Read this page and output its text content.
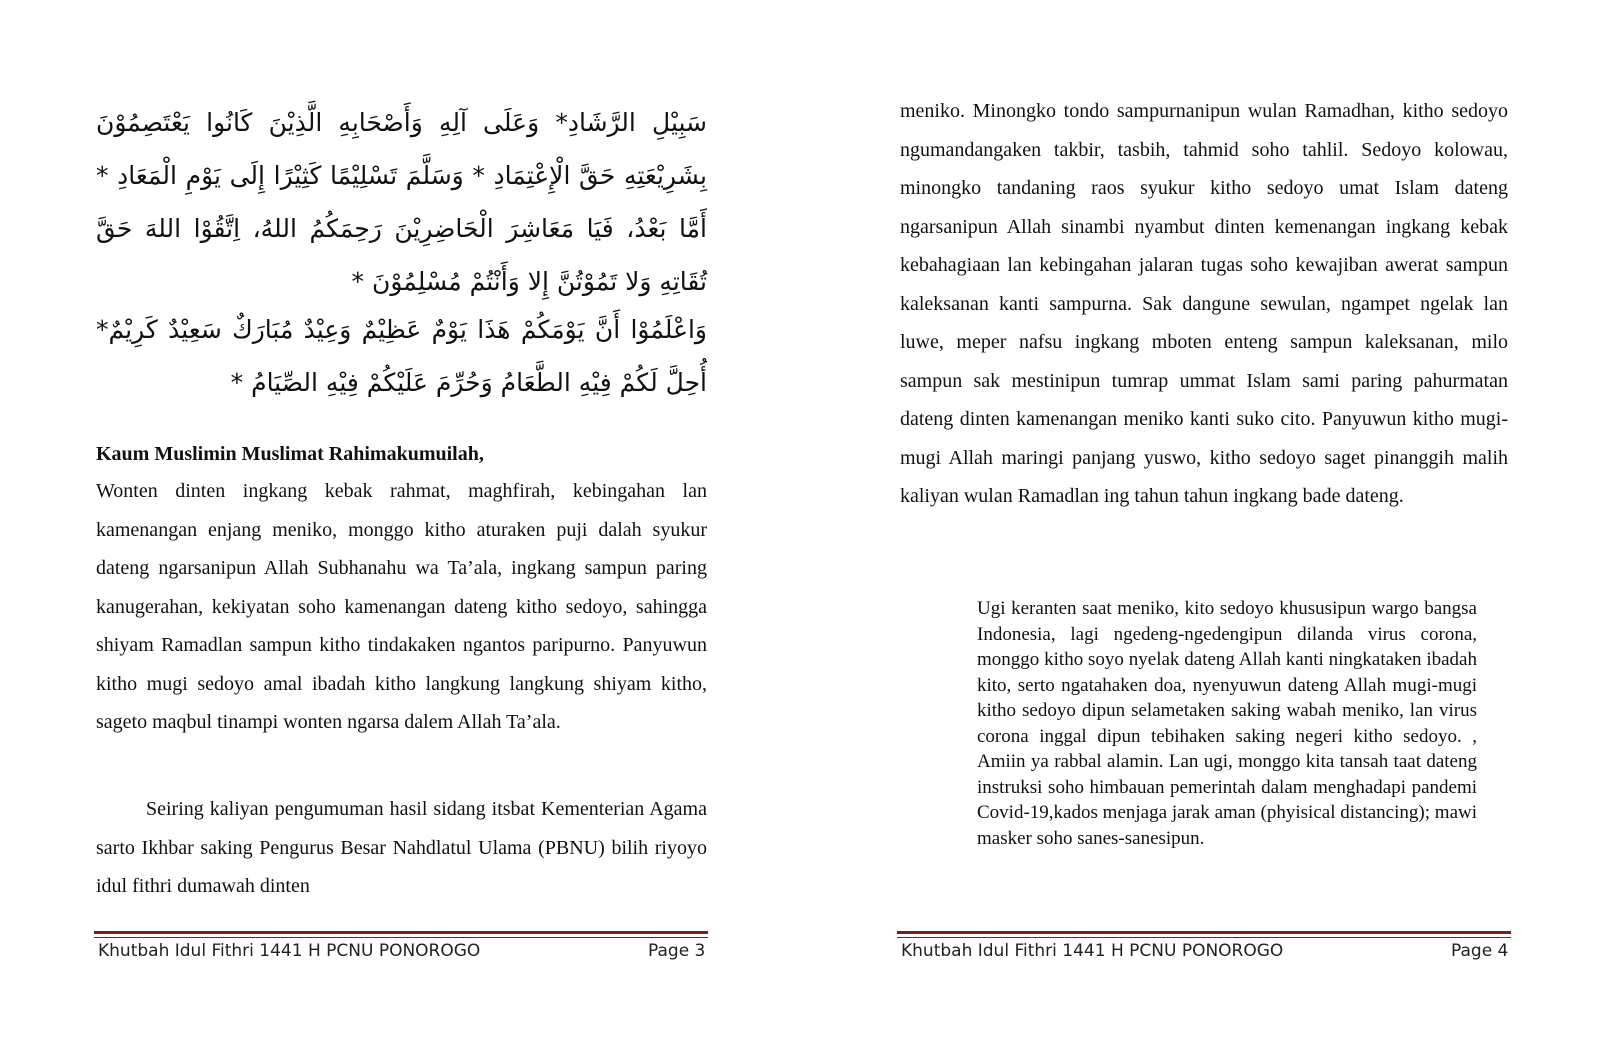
سَبِيْلِ الرَّشَادِ* وَعَلَى آلِهِ وَأَصْحَابِهِ الَّذِيْنَ كَانُوا يَعْتَصِمُوْنَ بِشَرِيْعَتِهِ حَقَّ الْإِعْتِمَادِ * وَسَلَّمَ تَسْلِيْمًا كَثِيْرًا إِلَى يَوْمِ الْمَعَادِ * أَمَّا بَعْدُ، فَيَا مَعَاشِرَ الْحَاضِرِيْنَ رَحِمَكُمُ اللهُ، اِتَّقُوْا اللهَ حَقَّ تُقَاتِهِ وَلا تَمُوْتُنَّ إِلا وَأَنْتُمْ مُسْلِمُوْنَ *

وَاعْلَمُوْا أَنَّ يَوْمَكُمْ هَذَا يَوْمٌ عَظِيْمٌ وَعِيْدٌ مُبَارَكٌ سَعِيْدٌ كَرِيْمٌ* أُحِلَّ لَكُمْ فِيْهِ الطَّعَامُ وَحُرِّمَ عَلَيْكُمْ فِيْهِ الصِّيَامُ *

Kaum Muslimin Muslimat Rahimakumuilah,

Wonten dinten ingkang kebak rahmat, maghfirah, kebingahan lan kamenangan enjang meniko, monggo kitho aturaken puji dalah syukur dateng ngarsanipun Allah Subhanahu wa Ta’ala, ingkang sampun paring kanugerahan, kekiyatan soho kamenangan dateng kitho sedoyo, sahingga shiyam Ramadlan sampun kitho tindakaken ngantos paripurno. Panyuwun kitho mugi sedoyo amal ibadah kitho langkung langkung shiyam kitho, sageto maqbul tinampi wonten ngarsa dalem Allah Ta’ala.

Seiring kaliyan pengumuman hasil sidang itsbat Kementerian Agama sarto Ikhbar saking Pengurus Besar Nahdlatul Ulama (PBNU) bilih riyoyo idul fithri dumawah dinten

meniko. Minongko tondo sampurnanipun wulan Ramadhan, kitho sedoyo ngumandangaken takbir, tasbih, tahmid soho tahlil. Sedoyo kolowau, minongko tandaning raos syukur kitho sedoyo umat Islam dateng ngarsanipun Allah sinambi nyambut dinten kemenangan ingkang kebak kebahagiaan lan kebingahan jalaran tugas soho kewajiban awerat sampun kaleksanan kanti sampurna. Sak dangune sewulan, ngampet ngelak lan luwe, meper nafsu ingkang mboten enteng sampun kaleksanan, milo sampun sak mestinipun tumrap ummat Islam sami paring pahurmatan dateng dinten kamenangan meniko kanti suko cito. Panyuwun kitho mugi-mugi Allah maringi panjang yuswo, kitho sedoyo saget pinanggih malih kaliyan wulan Ramadlan ing tahun tahun ingkang bade dateng.

Ugi keranten saat meniko, kito sedoyo khususipun wargo bangsa Indonesia, lagi ngedeng-ngedengipun dilanda virus corona, monggo kitho soyo nyelak dateng Allah kanti ningkataken ibadah kito, serto ngatahaken doa, nyenyuwun dateng Allah mugi-mugi kitho sedoyo dipun selametaken saking wabah meniko, lan virus corona inggal dipun tebihaken saking negeri kitho sedoyo. , Amiin ya rabbal alamin. Lan ugi, monggo kita tansah taat dateng instruksi soho himbauan pemerintah dalam menghadapi pandemi Covid-19,kados menjaga jarak aman (phyisical distancing); mawi masker soho sanes-sanesipun.

Khutbah Idul Fithri 1441 H PCNU PONOROGO	Page 3	Khutbah Idul Fithri 1441 H PCNU PONOROGO	Page 4
